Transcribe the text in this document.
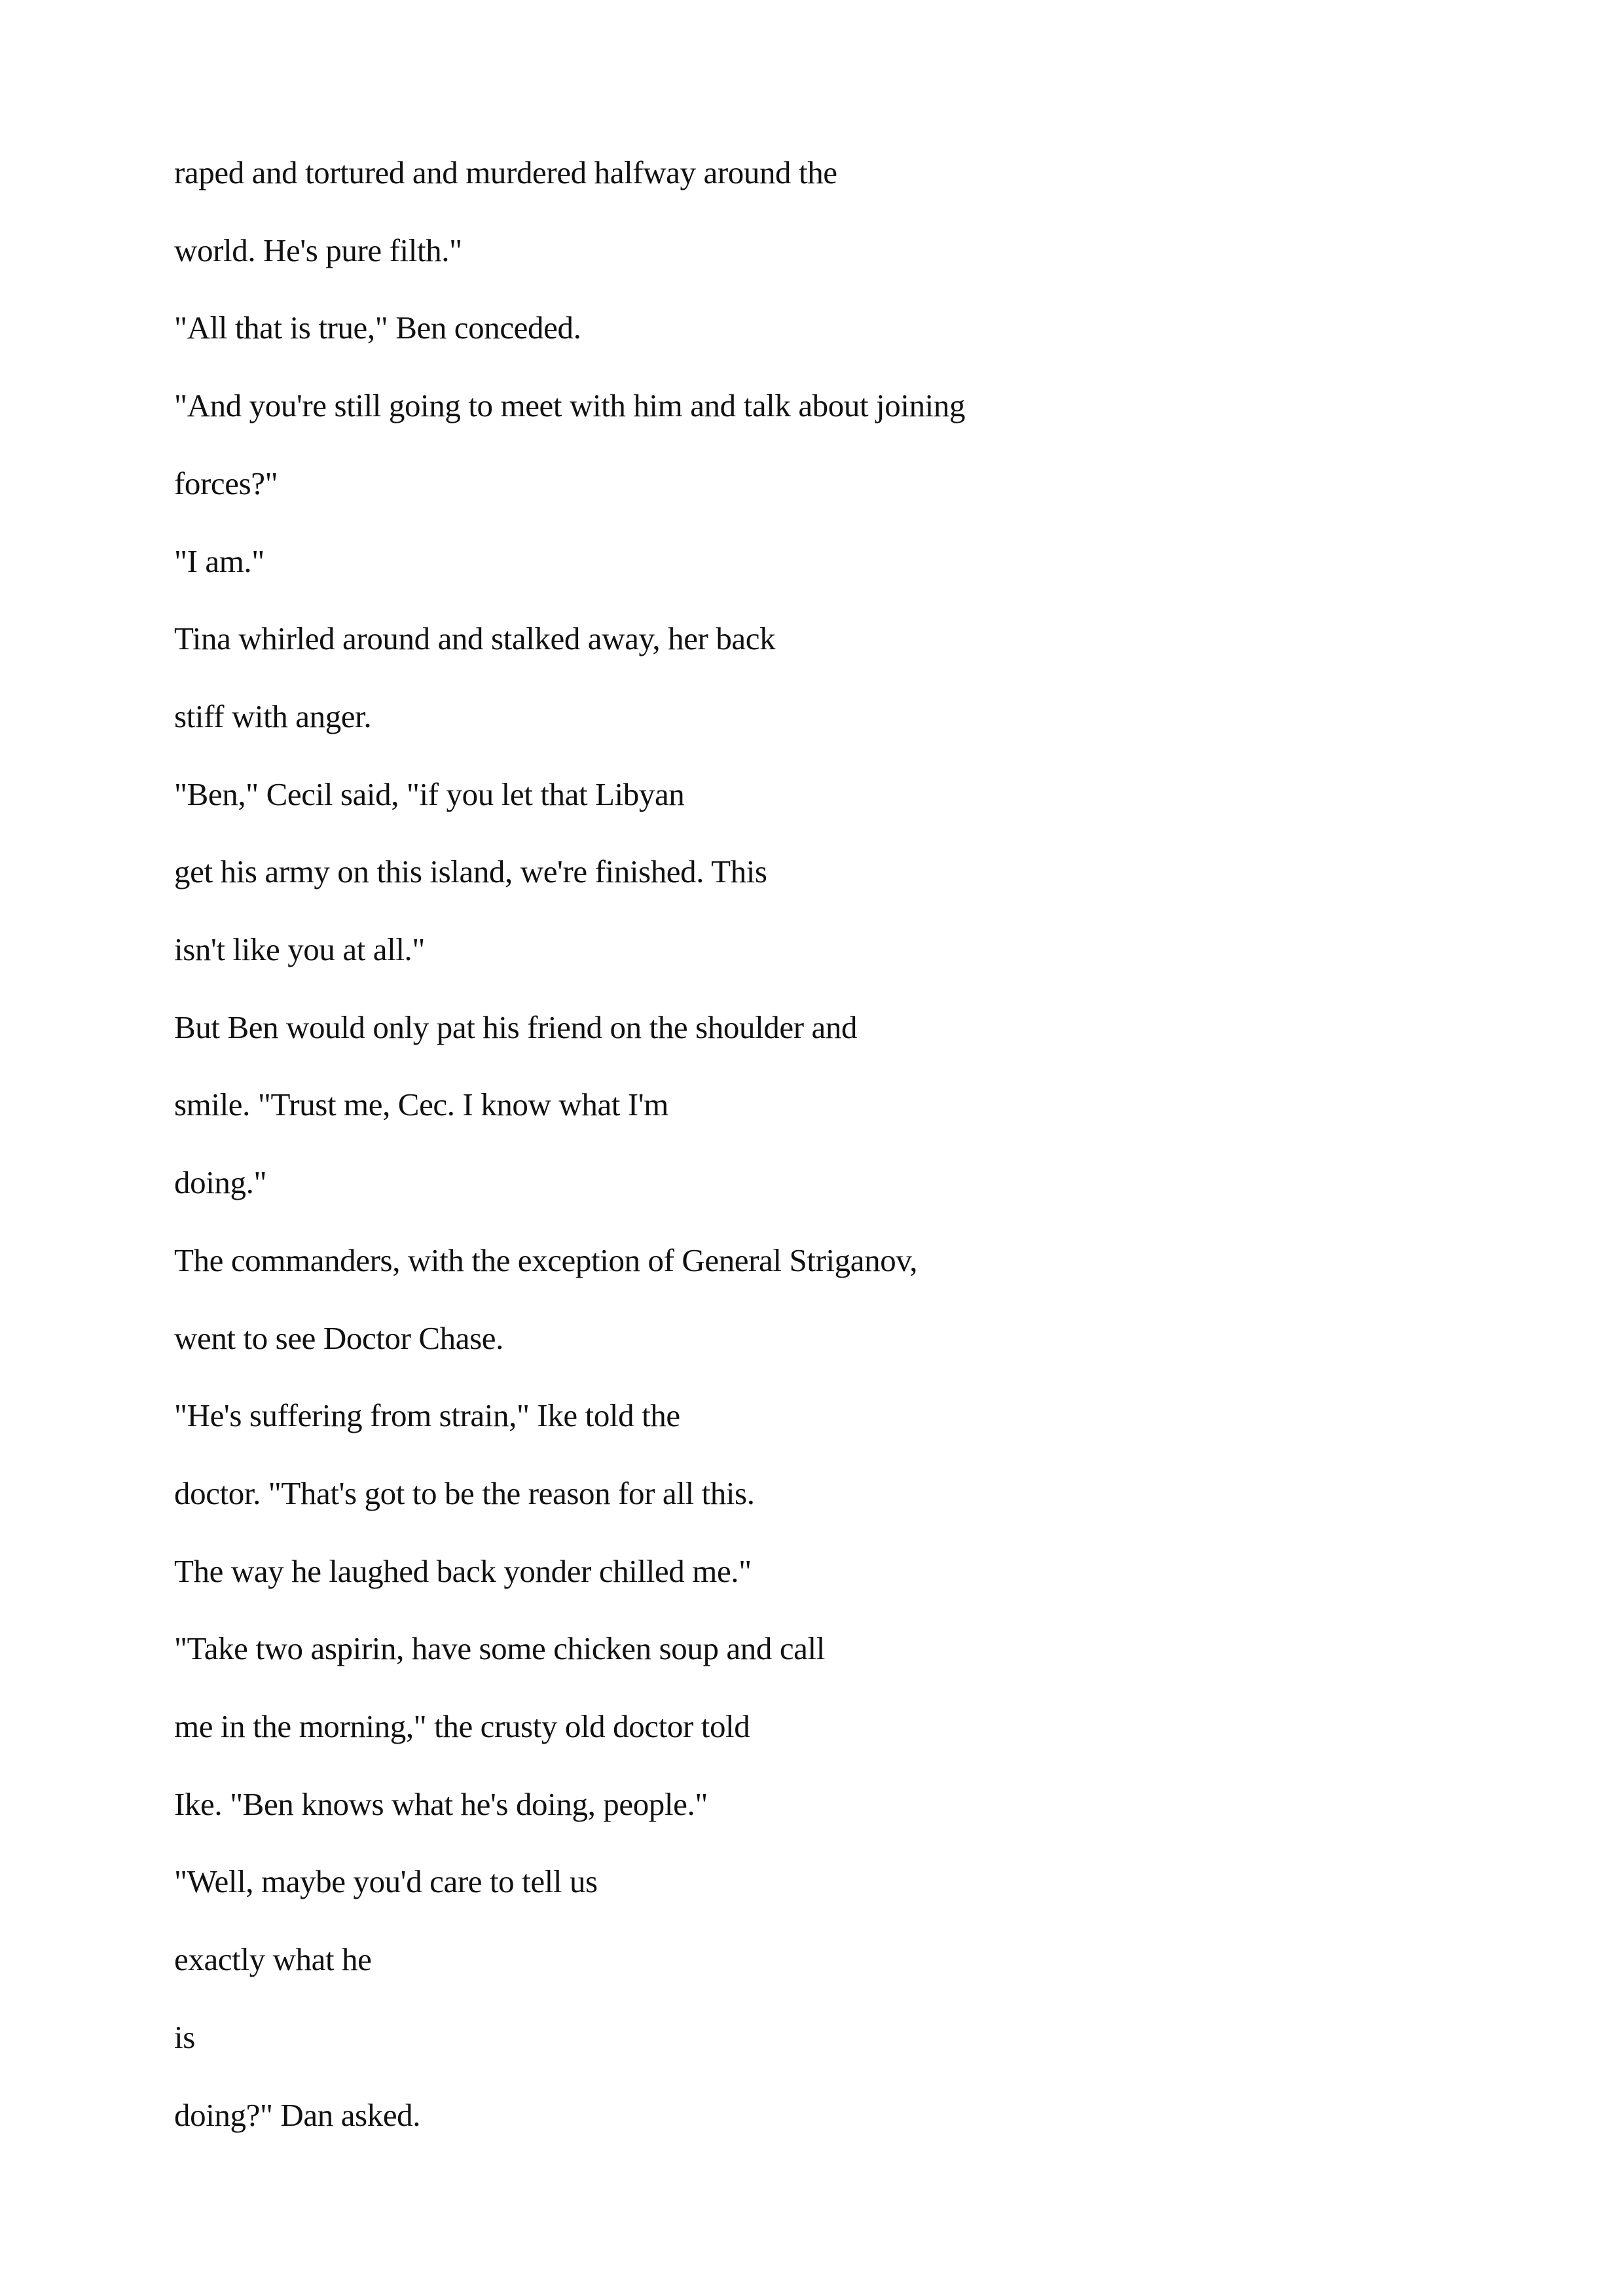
raped and tortured and murdered halfway around the

world. He's pure filth."

"All that is true," Ben conceded.

"And you're still going to meet with him and talk about joining

forces?"

"I am."

Tina whirled around and stalked away, her back

stiff with anger.

"Ben," Cecil said, "if you let that Libyan

get his army on this island, we're finished. This

isn't like you at all."

But Ben would only pat his friend on the shoulder and

smile. "Trust me, Cec. I know what I'm

doing."

The commanders, with the exception of General Striganov,

went to see Doctor Chase.

"He's suffering from strain," Ike told the

doctor. "That's got to be the reason for all this.

The way he laughed back yonder chilled me."

"Take two aspirin, have some chicken soup and call

me in the morning," the crusty old doctor told

Ike. "Ben knows what he's doing, people."

"Well, maybe you'd care to tell us

exactly what he

is

doing?" Dan asked.
